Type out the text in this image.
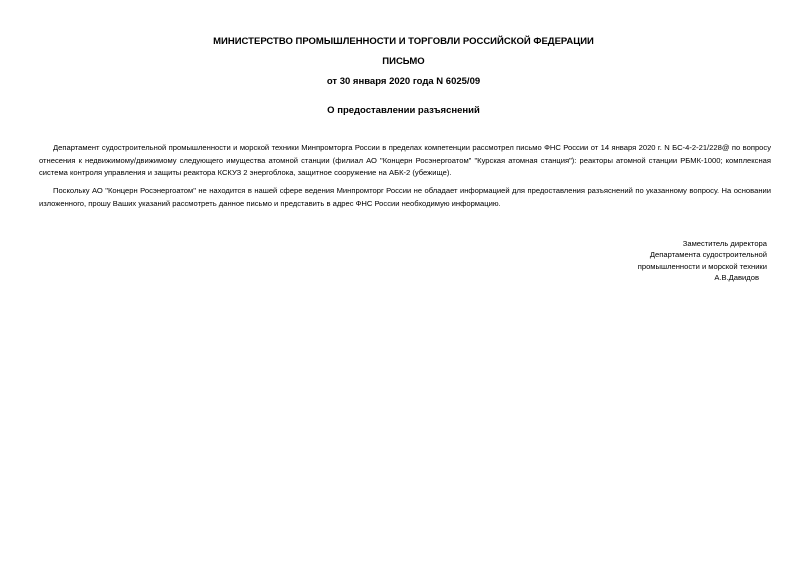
МИНИСТЕРСТВО ПРОМЫШЛЕННОСТИ И ТОРГОВЛИ РОССИЙСКОЙ ФЕДЕРАЦИИ
ПИСЬМО
от 30 января 2020 года N 6025/09
О предоставлении разъяснений
Департамент судостроительной промышленности и морской техники Минпромторга России в пределах компетенции рассмотрел письмо ФНС России от 14 января 2020 г. N БС-4-2-21/228@ по вопросу отнесения к недвижимому/движимому следующего имущества атомной станции (филиал АО "Концерн Росэнергоатом" "Курская атомная станция"): реакторы атомной станции РБМК-1000; комплексная система контроля управления и защиты реактора КСКУЗ 2 энергоблока, защитное сооружение на АБК-2 (убежище).
Поскольку АО "Концерн Росэнергоатом" не находится в нашей сфере ведения Минпромторг России не обладает информацией для предоставления разъяснений по указанному вопросу. На основании изложенного, прошу Ваших указаний рассмотреть данное письмо и представить в адрес ФНС России необходимую информацию.
Заместитель директора
Департамента судостроительной
промышленности и морской техники
А.В.Давидов
